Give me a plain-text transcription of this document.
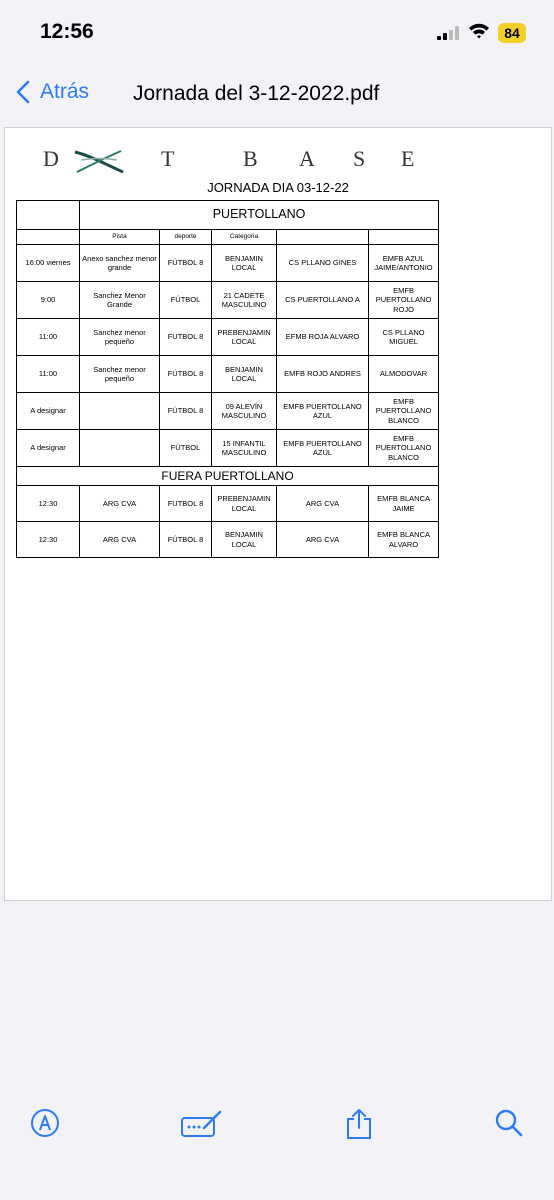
12:56	84
Atrás Jornada del 3-12-2022.pdf
D	T	B A S E
JORNADA DIA 03-12-22
	PUERTOLLANO				
	Pista	deporte	Categoria		
16:00 viernes	Anexo sanchez menor grande	FÚTBOL 8	BENJAMIN LOCAL	CS PLLANO GINES	EMFB AZUL JAIME/ANTONIO
9:00	Sanchez Menor Grande	FÚTBOL	21 CADETE MASCULINO	CS PUERTOLLANO A	EMFB PUERTOLLANO ROJO
11:00	Sanchez menor pequeño	FUTBOL 8	PREBENJAMIN LOCAL	EFMB ROJA ALVARO	CS PLLANO MIGUEL
11:00	Sanchez menor pequeño	FÚTBOL 8	BENJAMIN LOCAL	EMFB ROJO ANDRES	ALMODOVAR
A designar		FÚTBOL 8	09 ALEVÍN MASCULINO	EMFB PUERTOLLANO AZUL	EMFB PUERTOLLANO BLANCO
A designar		FÚTBOL	15 INFANTIL MASCULINO	EMFB PUERTOLLANO AZUL	EMFB PUERTOLLANO BLANCO
FUERA PUERTOLLANO					
12:30	ARG CVA	FUTBOL 8	PREBENJAMIN LOCAL	ARG CVA	EMFB BLANCA JAIME
12:30	ARG CVA	FÚTBOL 8	BENJAMIN LOCAL	ARG CVA	EMFB BLANCA ALVARO
